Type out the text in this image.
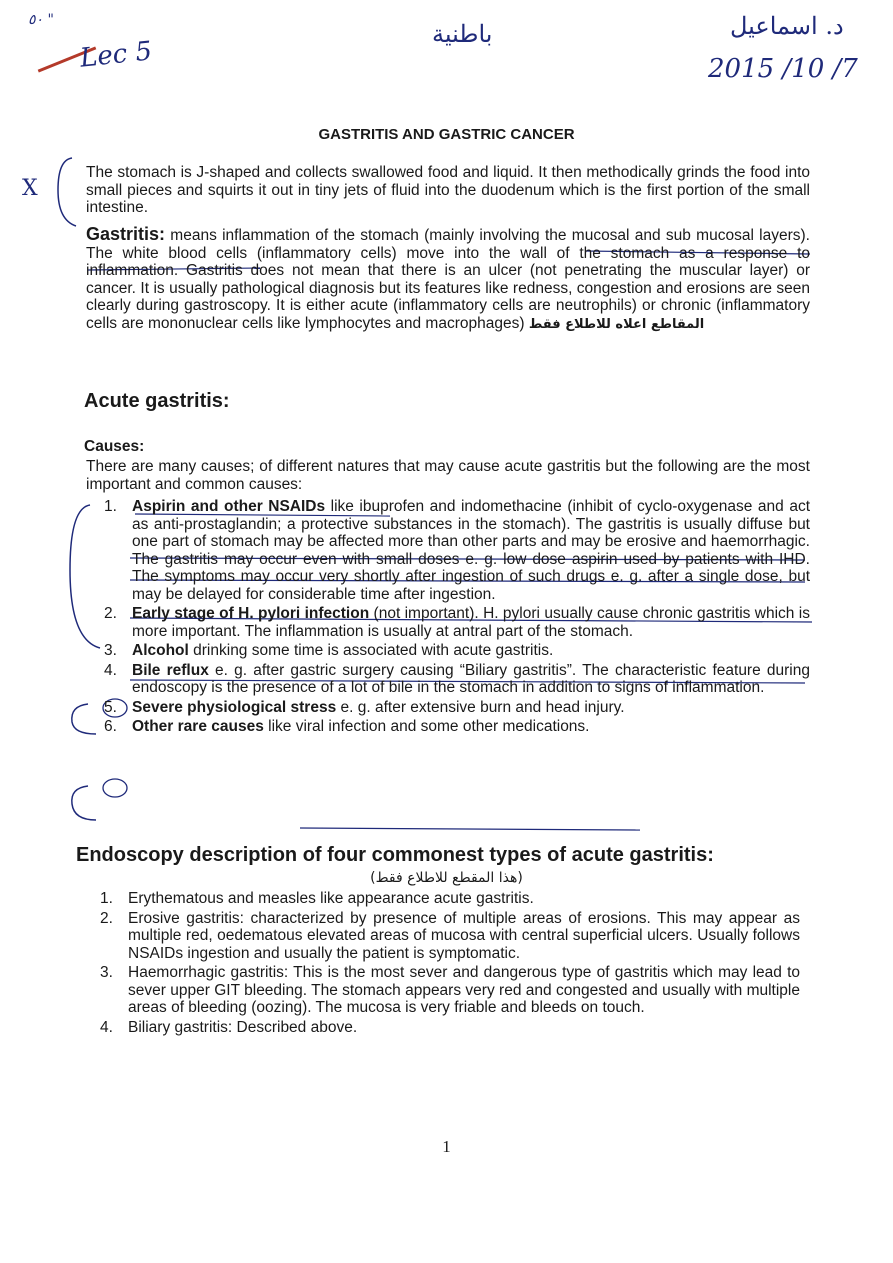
٥٠ "
Lec 5
باطنية	د. اسماعيل
2015 /10 /7
X
GASTRITIS AND GASTRIC CANCER
The stomach is J-shaped and collects swallowed food and liquid. It then methodically grinds the food into small pieces and squirts it out in tiny jets of fluid into the duodenum which is the first portion of the small intestine.
Gastritis: means inflammation of the stomach (mainly involving the mucosal and sub mucosal layers). The white blood cells (inflammatory cells) move into the wall of the stomach as a response to inflammation. Gastritis does not mean that there is an ulcer (not penetrating the muscular layer) or cancer. It is usually pathological diagnosis but its features like redness, congestion and erosions are seen clearly during gastroscopy. It is either acute (inflammatory cells are neutrophils) or chronic (inflammatory cells are mononuclear cells like lymphocytes and macrophages) المقاطع اعلاه للاطلاع فقط
Acute gastritis:
Causes:
There are many causes; of different natures that may cause acute gastritis but the following are the most important and common causes:
1. Aspirin and other NSAIDs like ibuprofen and indomethacine (inhibit of cyclo-oxygenase and act as anti-prostaglandin; a protective substances in the stomach). The gastritis is usually diffuse but one part of stomach may be affected more than other parts and may be erosive and haemorrhagic. The gastritis may occur even with small doses e. g. low dose aspirin used by patients with IHD. The symptoms may occur very shortly after ingestion of such drugs e. g. after a single dose, but may be delayed for considerable time after ingestion.
2. Early stage of H. pylori infection (not important). H. pylori usually cause chronic gastritis which is more important. The inflammation is usually at antral part of the stomach.
3. Alcohol drinking some time is associated with acute gastritis.
4. Bile reflux e. g. after gastric surgery causing “Biliary gastritis”. The characteristic feature during endoscopy is the presence of a lot of bile in the stomach in addition to signs of inflammation.
5. Severe physiological stress e. g. after extensive burn and head injury.
6. Other rare causes like viral infection and some other medications.
Endoscopy description of four commonest types of acute gastritis:
(هذا المقطع للاطلاع فقط)
1. Erythematous and measles like appearance acute gastritis.
2. Erosive gastritis: characterized by presence of multiple areas of erosions. This may appear as multiple red, oedematous elevated areas of mucosa with central superficial ulcers. Usually follows NSAIDs ingestion and usually the patient is symptomatic.
3. Haemorrhagic gastritis: This is the most sever and dangerous type of gastritis which may lead to sever upper GIT bleeding. The stomach appears very red and congested and usually with multiple areas of bleeding (oozing). The mucosa is very friable and bleeds on touch.
4. Biliary gastritis: Described above.
1
